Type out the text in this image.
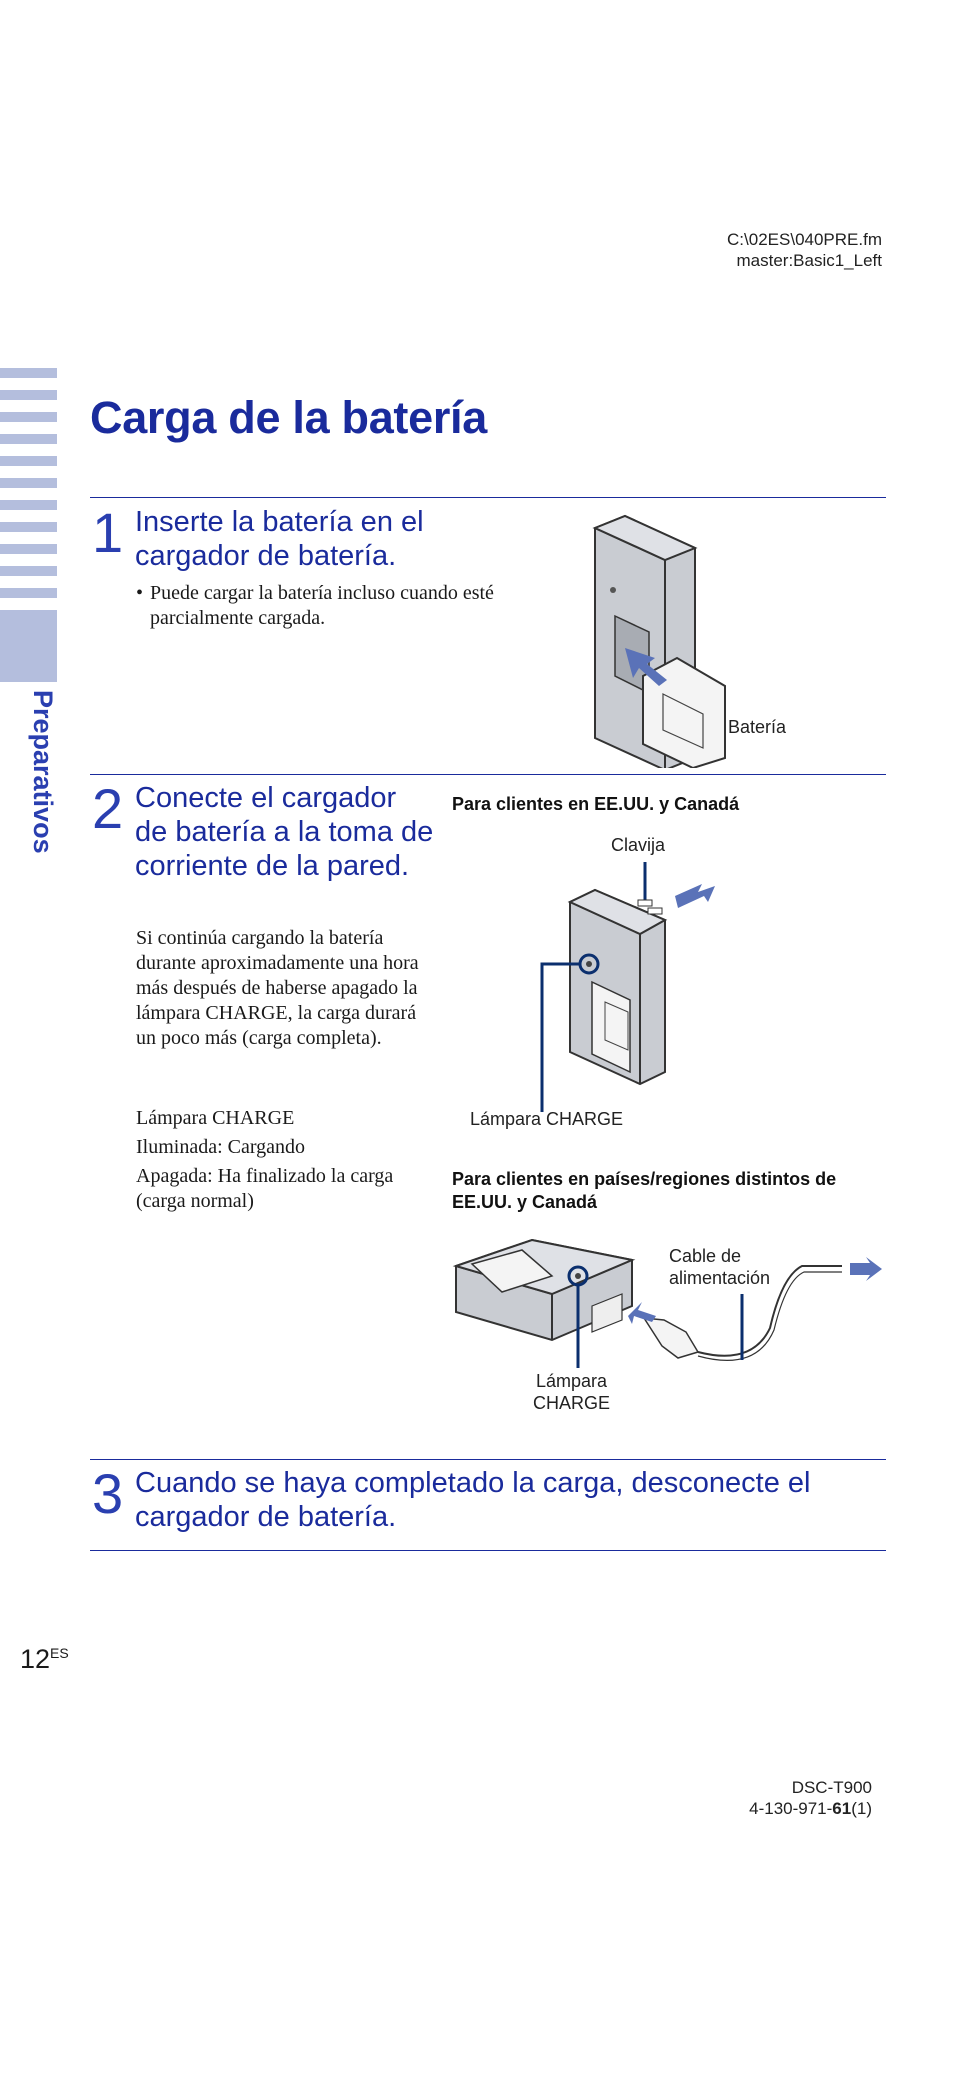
C:\02ES\040PRE.fm
master:Basic1_Left
Preparativos
Carga de la batería
1 Inserte la batería en el cargador de batería.
• Puede cargar la batería incluso cuando esté parcialmente cargada.
Batería
2 Conecte el cargador de batería a la toma de corriente de la pared.
Si continúa cargando la batería durante aproximadamente una hora más después de haberse apagado la lámpara CHARGE, la carga durará un poco más (carga completa).
Lámpara CHARGE
Iluminada: Cargando
Apagada: Ha finalizado la carga (carga normal)
Para clientes en EE.UU. y Canadá
Clavija
Lámpara CHARGE
Para clientes en países/regiones distintos de EE.UU. y Canadá
Cable de
alimentación
Lámpara
CHARGE
3 Cuando se haya completado la carga, desconecte el cargador de batería.
$12^{ES}$
DSC-T900
4-130-971-61(1)
